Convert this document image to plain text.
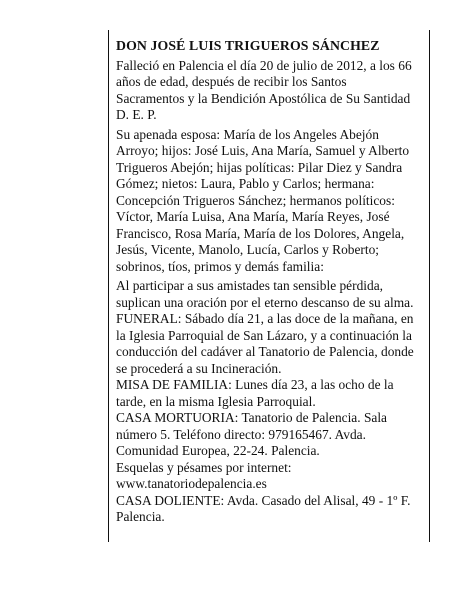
DON JOSÉ LUIS TRIGUEROS SÁNCHEZ

Falleció en Palencia el día 20 de julio de 2012, a los 66

años de edad, después de recibir los Santos

Sacramentos y la Bendición Apostólica de Su Santidad

D. E. P.

Su apenada esposa: María de los Angeles Abejón

Arroyo; hijos: José Luis, Ana María, Samuel y Alberto

Trigueros Abejón; hijas políticas: Pilar Diez y Sandra

Gómez; nietos: Laura, Pablo y Carlos; hermana:

Concepción Trigueros Sánchez; hermanos políticos:

Víctor, María Luisa, Ana María, María Reyes, José

Francisco, Rosa María, María de los Dolores, Angela,

Jesús, Vicente, Manolo, Lucía, Carlos y Roberto;

sobrinos, tíos, primos y demás familia:

Al participar a sus amistades tan sensible pérdida,

suplican una oración por el eterno descanso de su alma.

FUNERAL: Sábado día 21, a las doce de la mañana, en

la Iglesia Parroquial de San Lázaro, y a continuación la

conducción del cadáver al Tanatorio de Palencia, donde

se procederá a su Incineración.

MISA DE FAMILIA: Lunes día 23, a las ocho de la

tarde, en la misma Iglesia Parroquial.

CASA MORTUORIA: Tanatorio de Palencia. Sala

número 5. Teléfono directo: 979165467. Avda.

Comunidad Europea, 22-24. Palencia.

Esquelas y pésames por internet:

www.tanatoriodepalencia.es

CASA DOLIENTE: Avda. Casado del Alisal, 49 - 1º F.

Palencia.
